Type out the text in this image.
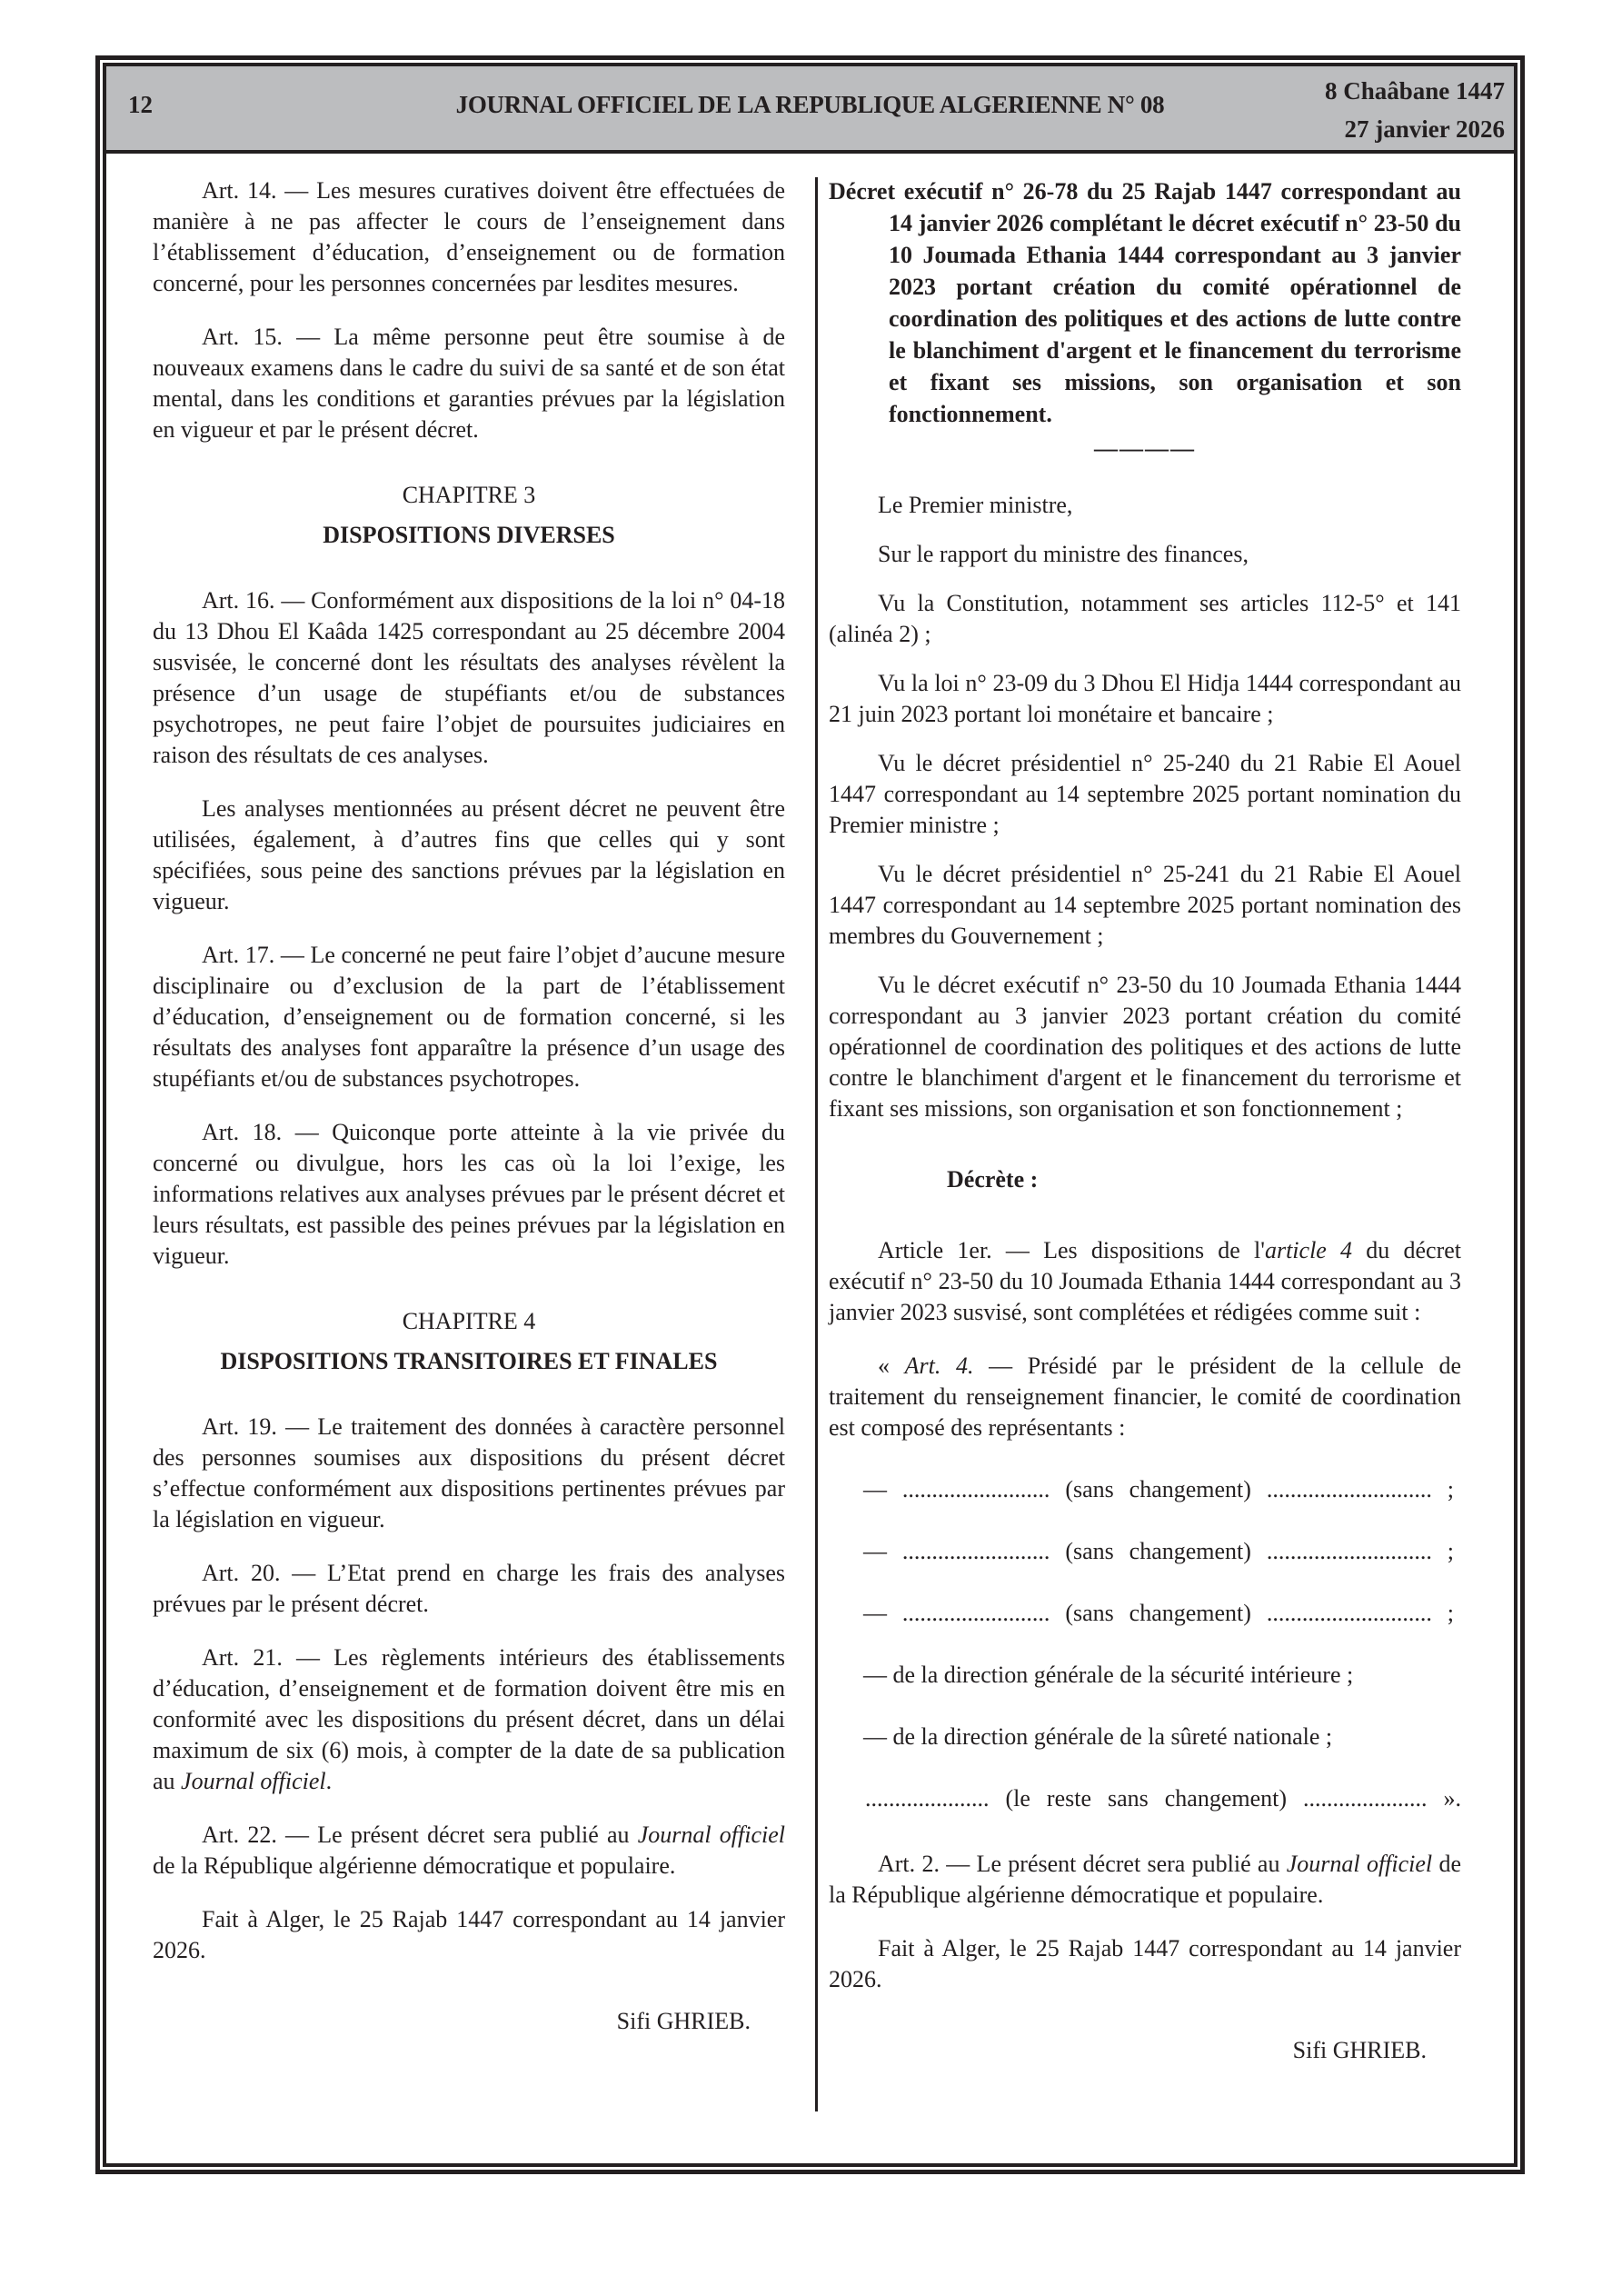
12	JOURNAL OFFICIEL DE LA REPUBLIQUE ALGERIENNE N° 08	8 Chaâbane 1447
27 janvier 2026

Art. 14. — Les mesures curatives doivent être effectuées de manière à ne pas affecter le cours de l’enseignement dans l’établissement d’éducation, d’enseignement ou de formation concerné, pour les personnes concernées par lesdites mesures.

Art. 15. — La même personne peut être soumise à de nouveaux examens dans le cadre du suivi de sa santé et de son état mental, dans les conditions et garanties prévues par la législation en vigueur et par le présent décret.

CHAPITRE 3
DISPOSITIONS DIVERSES

Art. 16. — Conformément aux dispositions de la loi n° 04-18 du 13 Dhou El Kaâda 1425 correspondant au 25 décembre 2004 susvisée, le concerné dont les résultats des analyses révèlent la présence d’un usage de stupéfiants et/ou de substances psychotropes, ne peut faire l’objet de poursuites judiciaires en raison des résultats de ces analyses.

Les analyses mentionnées au présent décret ne peuvent être utilisées, également, à d’autres fins que celles qui y sont spécifiées, sous peine des sanctions prévues par la législation en vigueur.

Art. 17. — Le concerné ne peut faire l’objet d’aucune mesure disciplinaire ou d’exclusion de la part de l’établissement d’éducation, d’enseignement ou de formation concerné, si les résultats des analyses font apparaître la présence d’un usage des stupéfiants et/ou de substances psychotropes.

Art. 18. — Quiconque porte atteinte à la vie privée du concerné ou divulgue, hors les cas où la loi l’exige, les informations relatives aux analyses prévues par le présent décret et leurs résultats, est passible des peines prévues par la législation en vigueur.

CHAPITRE 4
DISPOSITIONS TRANSITOIRES ET FINALES

Art. 19. — Le traitement des données à caractère personnel des personnes soumises aux dispositions du présent décret s’effectue conformément aux dispositions pertinentes prévues par la législation en vigueur.

Art. 20. — L’Etat prend en charge les frais des analyses prévues par le présent décret.

Art. 21. — Les règlements intérieurs des établissements d’éducation, d’enseignement et de formation doivent être mis en conformité avec les dispositions du présent décret, dans un délai maximum de six (6) mois, à compter de la date de sa publication au Journal officiel.

Art. 22. — Le présent décret sera publié au Journal officiel de la République algérienne démocratique et populaire.

Fait à Alger, le 25 Rajab 1447 correspondant au 14 janvier 2026.

Sifi GHRIEB.
Décret exécutif n° 26-78 du 25 Rajab 1447 correspondant au 14 janvier 2026 complétant le décret exécutif n° 23-50 du 10 Joumada Ethania 1444 correspondant au 3 janvier 2023 portant création du comité opérationnel de coordination des politiques et des actions de lutte contre le blanchiment d'argent et le financement du terrorisme et fixant ses missions, son organisation et son fonctionnement.
————

Le Premier ministre,

Sur le rapport du ministre des finances,

Vu la Constitution, notamment ses articles 112-5° et 141 (alinéa 2) ;

Vu la loi n° 23-09 du 3 Dhou El Hidja 1444 correspondant au 21 juin 2023 portant loi monétaire et bancaire ;

Vu le décret présidentiel n° 25-240 du 21 Rabie El Aouel 1447 correspondant au 14 septembre 2025 portant nomination du Premier ministre ;

Vu le décret présidentiel n° 25-241 du 21 Rabie El Aouel 1447 correspondant au 14 septembre 2025 portant nomination des membres du Gouvernement ;

Vu le décret exécutif n° 23-50 du 10 Joumada Ethania 1444 correspondant au 3 janvier 2023 portant création du comité opérationnel de coordination des politiques et des actions de lutte contre le blanchiment d'argent et le financement du terrorisme et fixant ses missions, son organisation et son fonctionnement ;

Décrète :

Article 1er. — Les dispositions de l'article 4 du décret exécutif n° 23-50 du 10 Joumada Ethania 1444 correspondant au 3 janvier 2023 susvisé, sont complétées et rédigées comme suit :

« Art. 4. — Présidé par le président de la cellule de traitement du renseignement financier, le comité de coordination est composé des représentants :

— ......................... (sans changement) ............................ ;
— ......................... (sans changement) ............................ ;
— ......................... (sans changement) ............................ ;
— de la direction générale de la sécurité intérieure ;
— de la direction générale de la sûreté nationale ;
..................... (le reste sans changement) ..................... ».

Art. 2. — Le présent décret sera publié au Journal officiel de la République algérienne démocratique et populaire.

Fait à Alger, le 25 Rajab 1447 correspondant au 14 janvier 2026.

Sifi GHRIEB.
